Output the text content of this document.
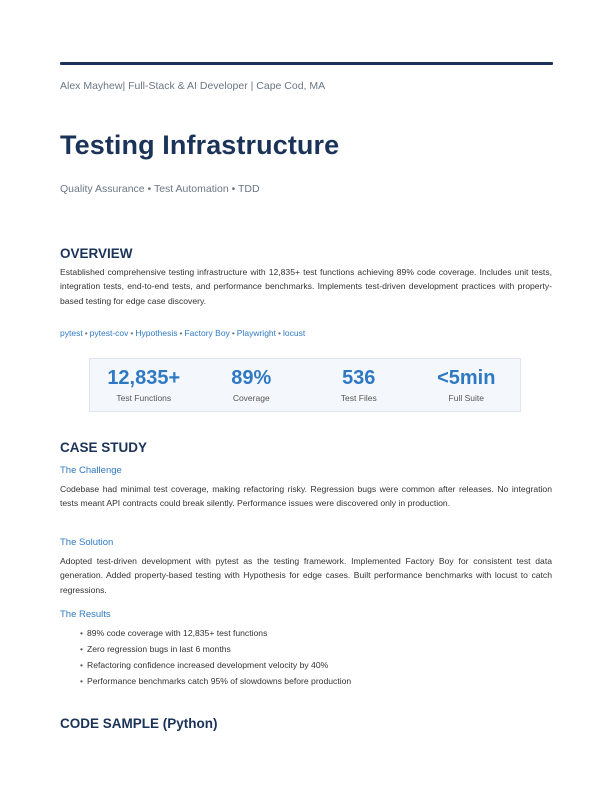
Alex Mayhew| Full-Stack & AI Developer | Cape Cod, MA
Testing Infrastructure
Quality Assurance • Test Automation • TDD
OVERVIEW
Established comprehensive testing infrastructure with 12,835+ test functions achieving 89% code coverage. Includes unit tests, integration tests, end-to-end tests, and performance benchmarks. Implements test-driven development practices with property-based testing for edge case discovery.
pytest • pytest-cov • Hypothesis • Factory Boy • Playwright • locust
12,835+
Test Functions
89%
Coverage
536
Test Files
<5min
Full Suite
CASE STUDY
The Challenge
Codebase had minimal test coverage, making refactoring risky. Regression bugs were common after releases. No integration tests meant API contracts could break silently. Performance issues were discovered only in production.
The Solution
Adopted test-driven development with pytest as the testing framework. Implemented Factory Boy for consistent test data generation. Added property-based testing with Hypothesis for edge cases. Built performance benchmarks with locust to catch regressions.
The Results
• 89% code coverage with 12,835+ test functions
• Zero regression bugs in last 6 months
• Refactoring confidence increased development velocity by 40%
• Performance benchmarks catch 95% of slowdowns before production
CODE SAMPLE (Python)
